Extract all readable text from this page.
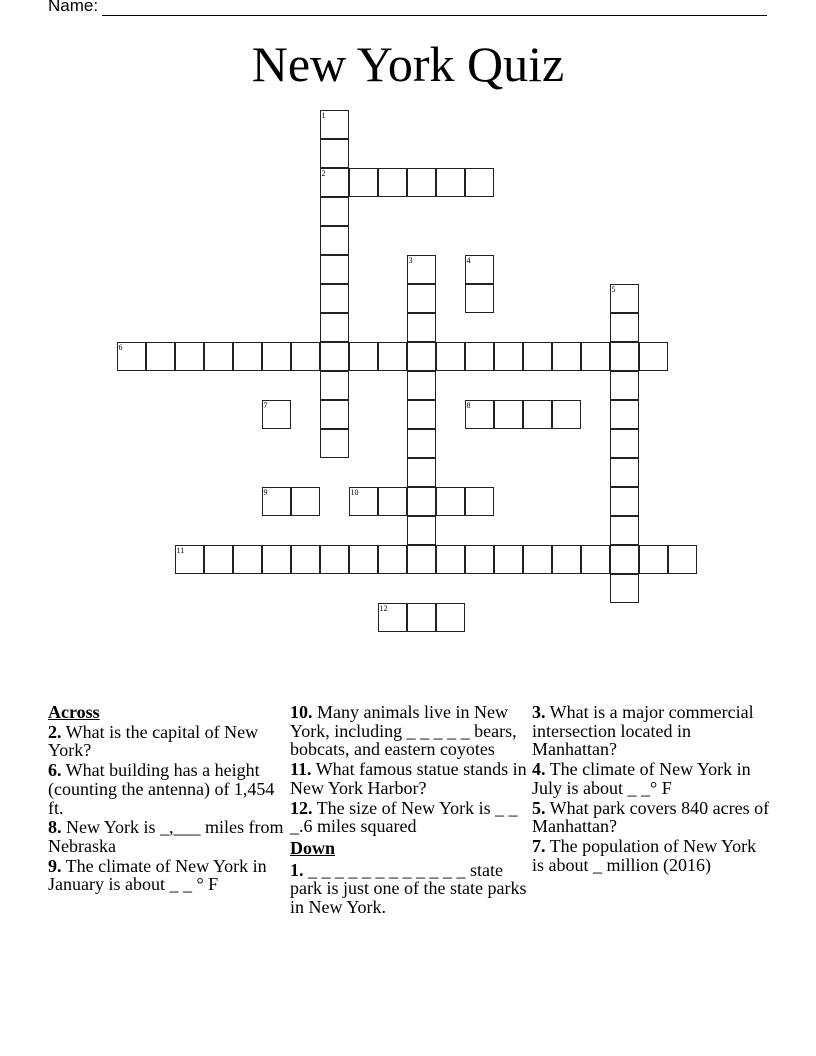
Name:
New York Quiz
1
2
3	4
5
6
7	8
9	10
11
12
Across
2. What is the capital of New York?
6. What building has a height (counting the antenna) of 1,454 ft.
8. New York is _,___ miles from Nebraska
9. The climate of New York in January is about _ _ ° F
10. Many animals live in New York, including _ _ _ _ _ bears, bobcats, and eastern coyotes
11. What famous statue stands in New York Harbor?
12. The size of New York is _ _ _.6 miles squared
Down
1. _ _ _ _ _ _ _ _ _ _ _ _ state park is just one of the state parks in New York.
3. What is a major commercial intersection located in Manhattan?
4. The climate of New York in July is about _ _° F
5. What park covers 840 acres of Manhattan?
7. The population of New York is about _ million (2016)
